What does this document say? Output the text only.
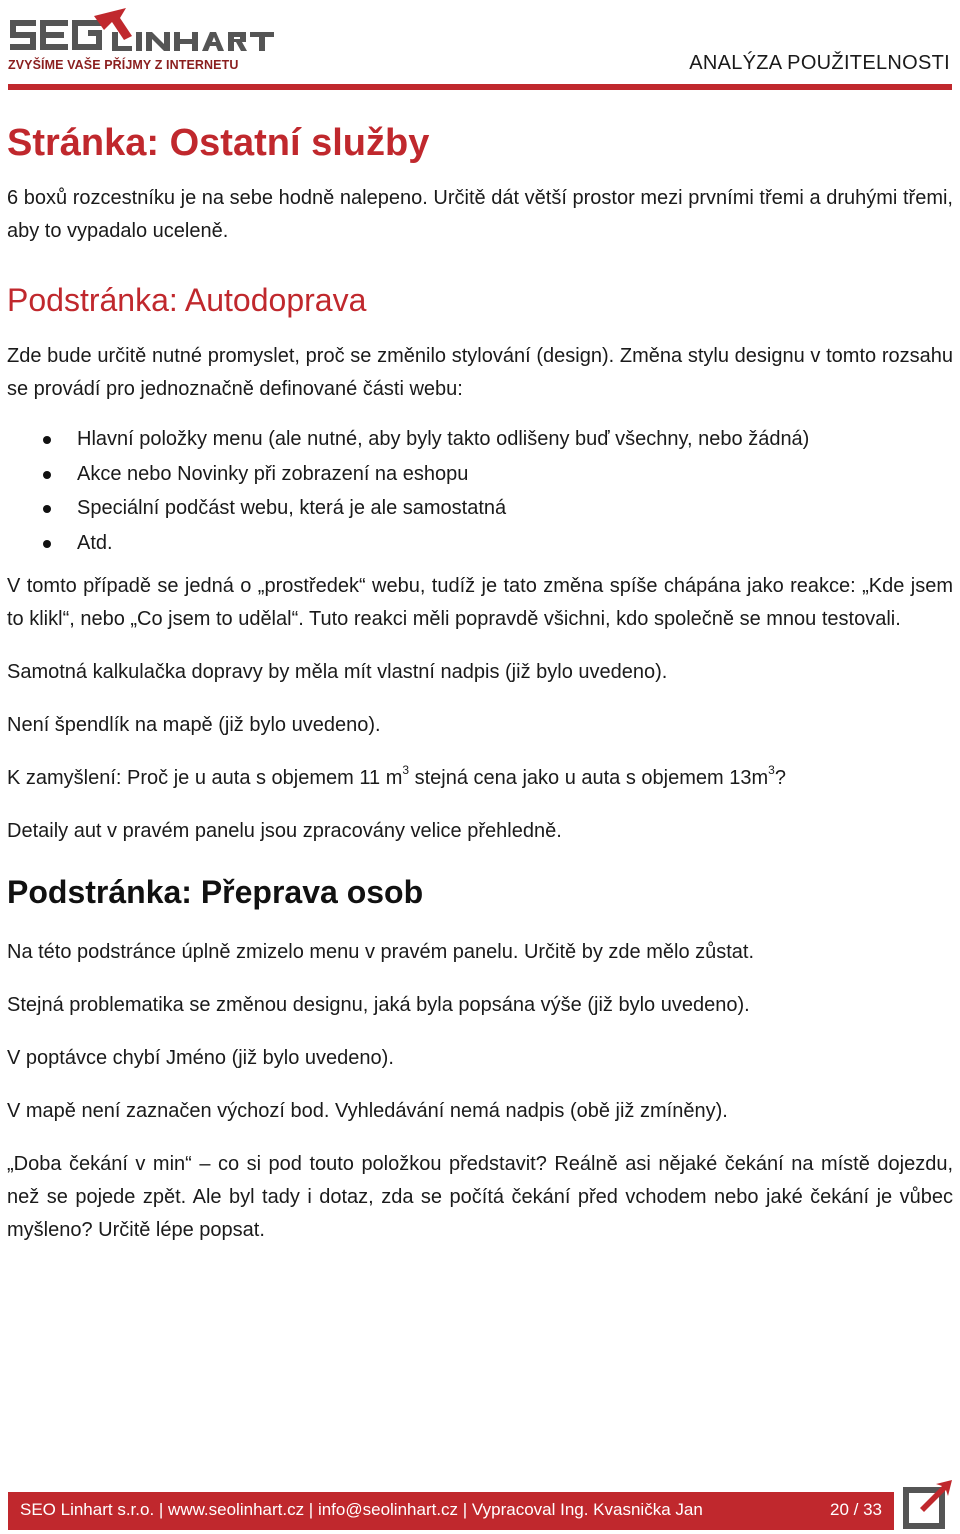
ZVYŠÍME VAŠE PŘÍJMY Z INTERNETU	ANALÝZA POUŽITELNOSTI
Stránka: Ostatní služby

6 boxů rozcestníku je na sebe hodně nalepeno. Určitě dát větší prostor mezi prvními třemi a druhými třemi, aby to vypadalo uceleně.

Podstránka: Autodoprava

Zde bude určitě nutné promyslet, proč se změnilo stylování (design). Změna stylu designu v tomto rozsahu se provádí pro jednoznačně definované části webu:

Hlavní položky menu (ale nutné, aby byly takto odlišeny buď všechny, nebo žádná)
Akce nebo Novinky při zobrazení na eshopu
Speciální podčást webu, která je ale samostatná
Atd.

V tomto případě se jedná o „prostředek“ webu, tudíž je tato změna spíše chápána jako reakce: „Kde jsem to klikl“, nebo „Co jsem to udělal“. Tuto reakci měli popravdě všichni, kdo společně se mnou testovali.

Samotná kalkulačka dopravy by měla mít vlastní nadpis (již bylo uvedeno).

Není špendlík na mapě (již bylo uvedeno).

K zamyšlení: Proč je u auta s objemem 11 $m^3$ stejná cena jako u auta s objemem $13m^3$?

Detaily aut v pravém panelu jsou zpracovány velice přehledně.

Podstránka: Přeprava osob

Na této podstránce úplně zmizelo menu v pravém panelu. Určitě by zde mělo zůstat.

Stejná problematika se změnou designu, jaká byla popsána výše (již bylo uvedeno).

V poptávce chybí Jméno (již bylo uvedeno).

V mapě není zaznačen výchozí bod. Vyhledávání nemá nadpis (obě již zmíněny).

„Doba čekání v min“ – co si pod touto položkou představit? Reálně asi nějaké čekání na místě dojezdu, než se pojede zpět. Ale byl tady i dotaz, zda se počítá čekání před vchodem nebo jaké čekání je vůbec myšleno? Určitě lépe popsat.

SEO Linhart s.r.o. | www.seolinhart.cz | info@seolinhart.cz | Vypracoval Ing. Kvasnička Jan	20 / 33
